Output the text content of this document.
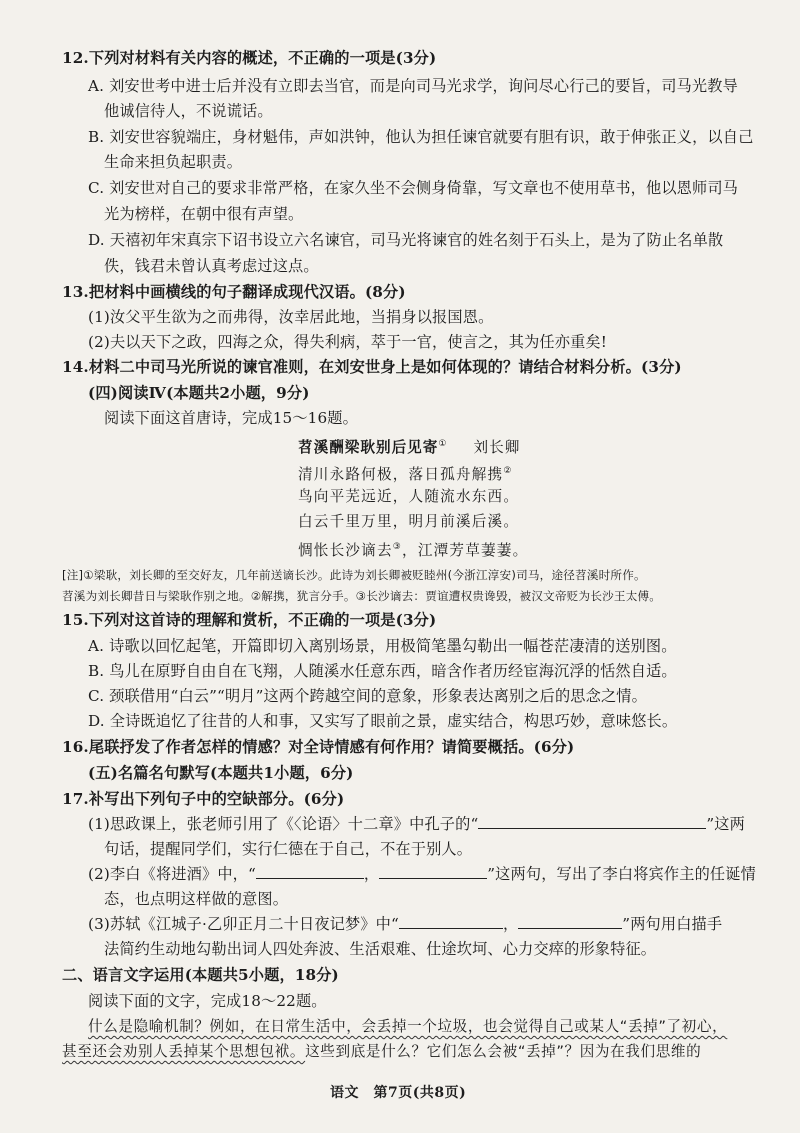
12.下列对材料有关内容的概述，不正确的一项是(3分)
A. 刘安世考中进士后并没有立即去当官，而是向司马光求学，询问尽心行己的要旨，司马光教导
他诚信待人，不说谎话。
B. 刘安世容貌端庄，身材魁伟，声如洪钟，他认为担任谏官就要有胆有识，敢于伸张正义，以自己
生命来担负起职责。
C. 刘安世对自己的要求非常严格，在家久坐不会侧身倚靠，写文章也不使用草书，他以恩师司马
光为榜样，在朝中很有声望。
D. 天禧初年宋真宗下诏书设立六名谏官，司马光将谏官的姓名刻于石头上，是为了防止名单散
佚，钱君未曾认真考虑过这点。
13.把材料中画横线的句子翻译成现代汉语。(8分)
(1)汝父平生欲为之而弗得，汝幸居此地，当捐身以报国恩。
(2)夫以天下之政，四海之众，得失利病，萃于一官，使言之，其为任亦重矣!
14.材料二中司马光所说的谏官准则，在刘安世身上是如何体现的？请结合材料分析。(3分)
(四)阅读Ⅳ(本题共2小题，9分)
阅读下面这首唐诗，完成15～16题。
苕溪酬梁耿别后见寄① 刘长卿
清川永路何极，落日孤舟解携②
鸟向平芜远近，人随流水东西。
白云千里万里，明月前溪后溪。
惆怅长沙谪去③，江潭芳草萋萋。
[注]①梁耿，刘长卿的至交好友，几年前送谪长沙。此诗为刘长卿被贬睦州(今浙江淳安)司马，途径苕溪时所作。
苕溪为刘长卿昔日与梁耿作别之地。②解携，犹言分手。③长沙谪去：贾谊遭权贵谗毁，被汉文帝贬为长沙王太傅。
15.下列对这首诗的理解和赏析，不正确的一项是(3分)
A. 诗歌以回忆起笔，开篇即切入离别场景，用极简笔墨勾勒出一幅苍茫凄清的送别图。
B. 鸟儿在原野自由自在飞翔，人随溪水任意东西，暗含作者历经宦海沉浮的恬然自适。
C. 颈联借用“白云”“明月”这两个跨越空间的意象，形象表达离别之后的思念之情。
D. 全诗既追忆了往昔的人和事，又实写了眼前之景，虚实结合，构思巧妙，意味悠长。
16.尾联抒发了作者怎样的情感？对全诗情感有何作用？请简要概括。(6分)
(五)名篇名句默写(本题共1小题，6分)
17.补写出下列句子中的空缺部分。(6分)
(1)思政课上，张老师引用了《〈论语〉十二章》中孔子的“	”这两
句话，提醒同学们，实行仁德在于自己，不在于别人。
(2)李白《将进酒》中，“	，	”这两句，写出了李白将宾作主的任诞情
态，也点明这样做的意图。
(3)苏轼《江城子·乙卯正月二十日夜记梦》中“	，	”两句用白描手
法简约生动地勾勒出词人四处奔波、生活艰难、仕途坎坷、心力交瘁的形象特征。
二、语言文字运用(本题共5小题，18分)
阅读下面的文字，完成18～22题。
什么是隐喻机制？例如，在日常生活中，会丢掉一个垃圾，也会觉得自己或某人“丢掉”了初心，
甚至还会劝别人丢掉某个思想包袱。这些到底是什么？它们怎么会被“丢掉”？因为在我们思维的
语文　第7页(共8页)
